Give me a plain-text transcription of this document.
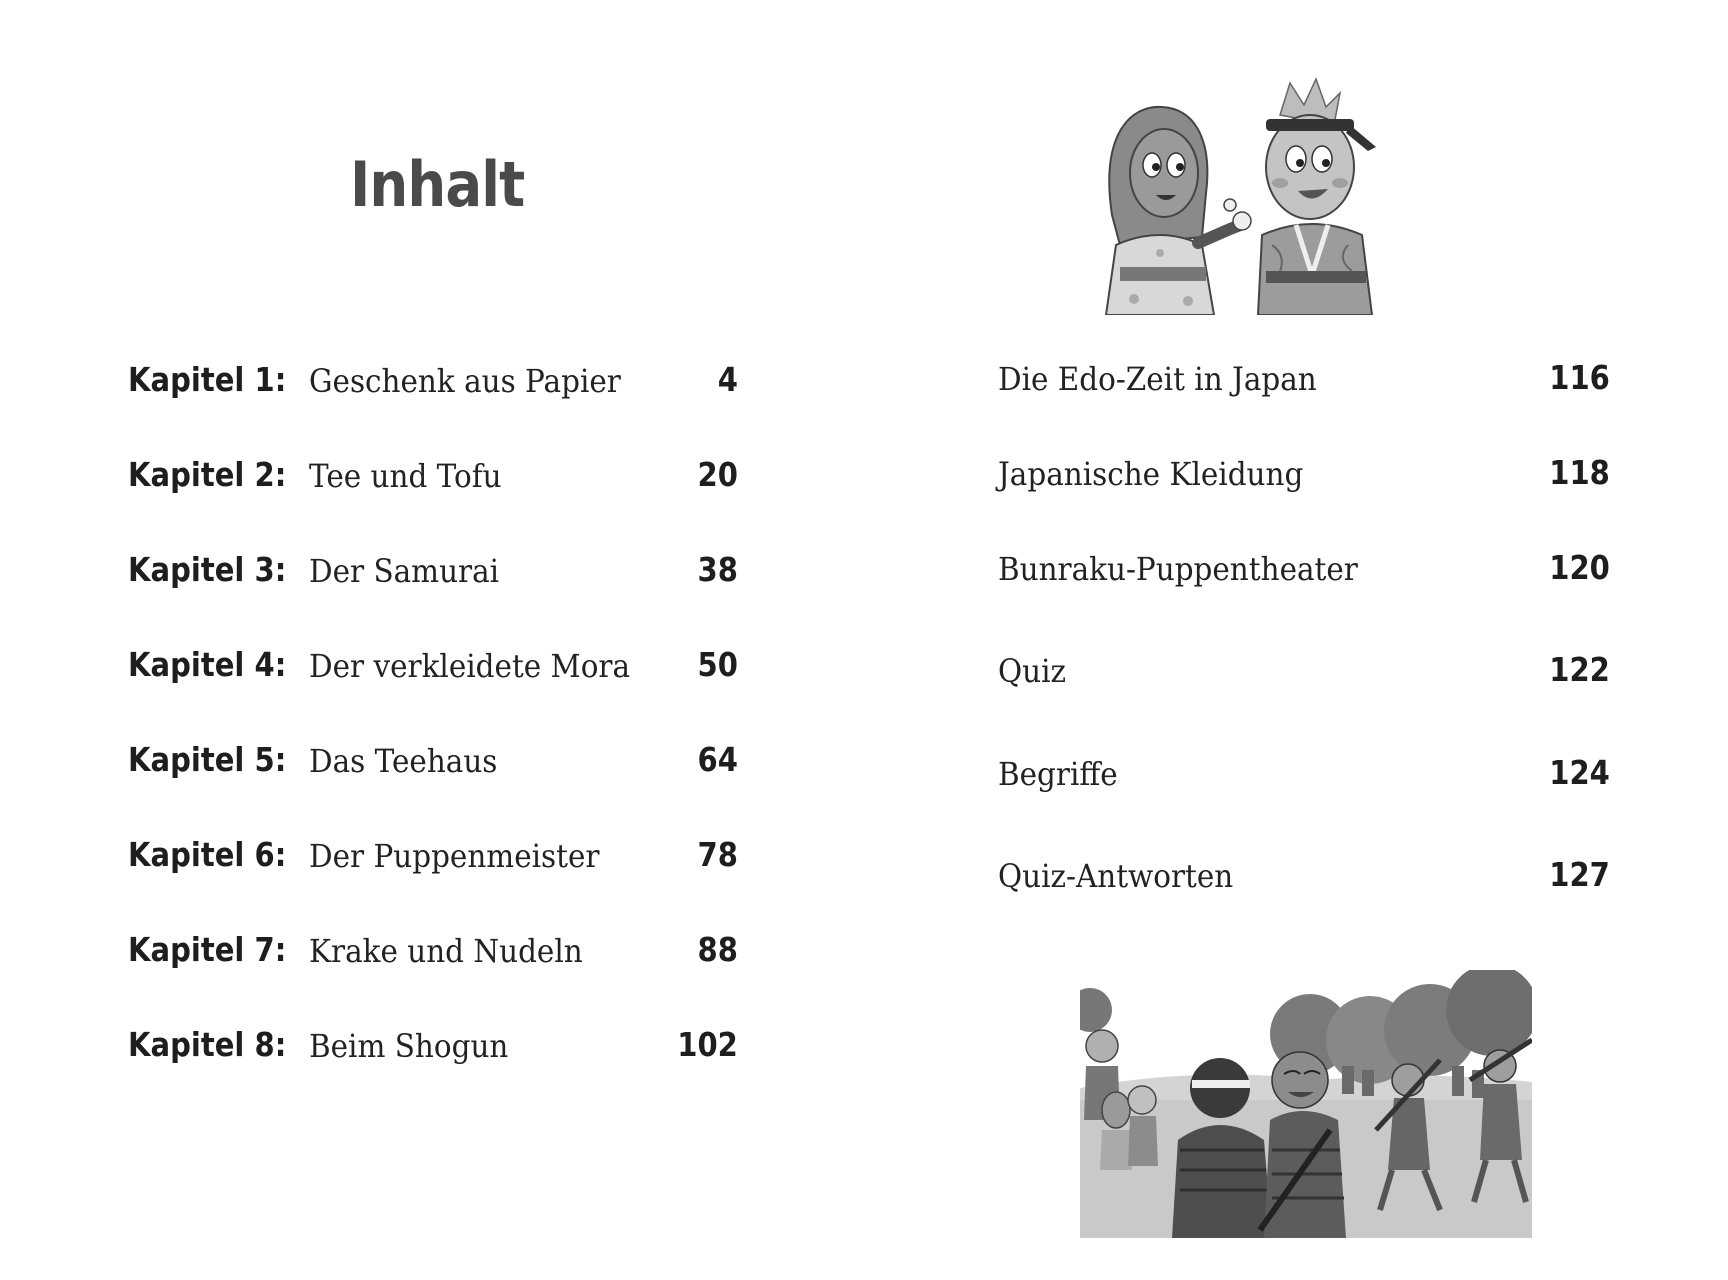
Inhalt
Kapitel 1: Geschenk aus Papier	4
Kapitel 2: Tee und Tofu	20
Kapitel 3: Der Samurai	38
Kapitel 4: Der verkleidete Mora 50
Kapitel 5: Das Teehaus	64
Kapitel 6: Der Puppenmeister	78
Kapitel 7: Krake und Nudeln	88
Kapitel 8: Beim Shogun	102
Die Edo-Zeit in Japan	116
Japanische Kleidung	118
Bunraku-Puppentheater	120
Quiz	122
Begriffe	124
Quiz-Antworten	127
